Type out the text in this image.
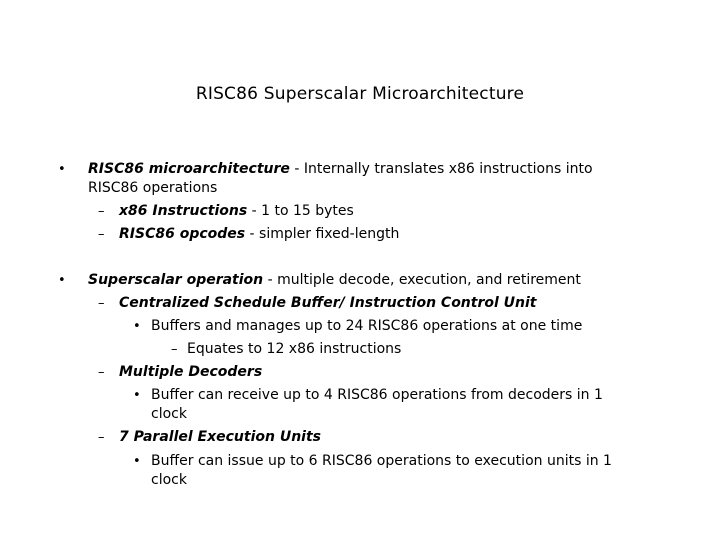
RISC86 Superscalar Microarchitecture
• RISC86 microarchitecture - Internally translates x86 instructions into
RISC86 operations
– x86 Instructions - 1 to 15 bytes
– RISC86 opcodes - simpler fixed-length
• Superscalar operation - multiple decode, execution, and retirement
– Centralized Schedule Buffer/ Instruction Control Unit
• Buffers and manages up to 24 RISC86 operations at one time
– Equates to 12 x86 instructions
– Multiple Decoders
• Buffer can receive up to 4 RISC86 operations from decoders in 1
clock
– 7 Parallel Execution Units
• Buffer can issue up to 6 RISC86 operations to execution units in 1
clock
